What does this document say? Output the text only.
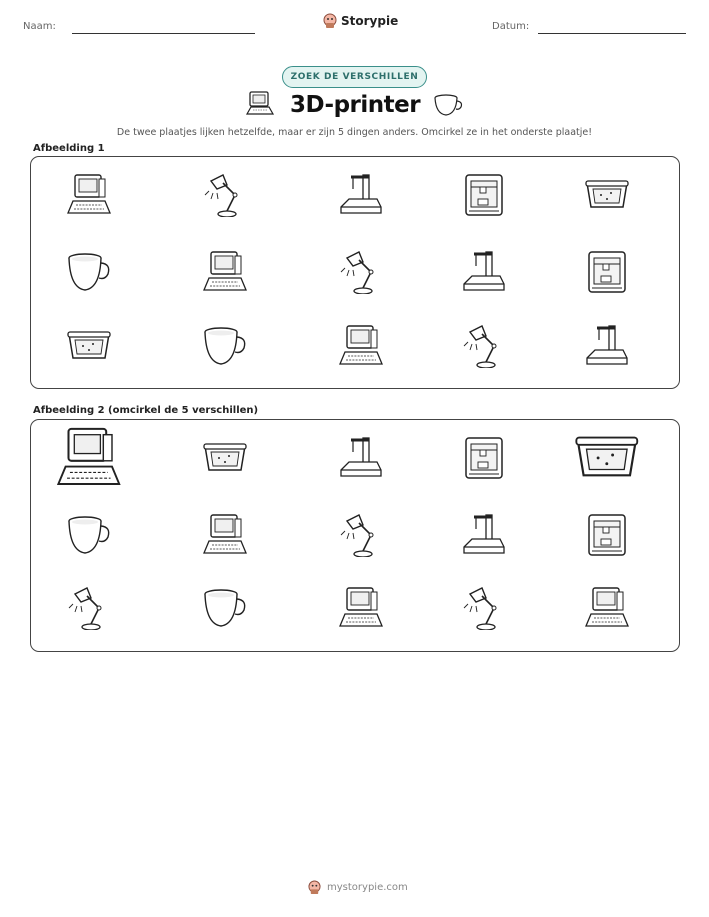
Naam:	Storypie	Datum:
ZOEK DE VERSCHILLEN
3D-printer
De twee plaatjes lijken hetzelfde, maar er zijn 5 dingen anders. Omcirkel ze in het onderste plaatje!
Afbeelding 1
Afbeelding 2 (omcirkel de 5 verschillen)
mystorypie.com
